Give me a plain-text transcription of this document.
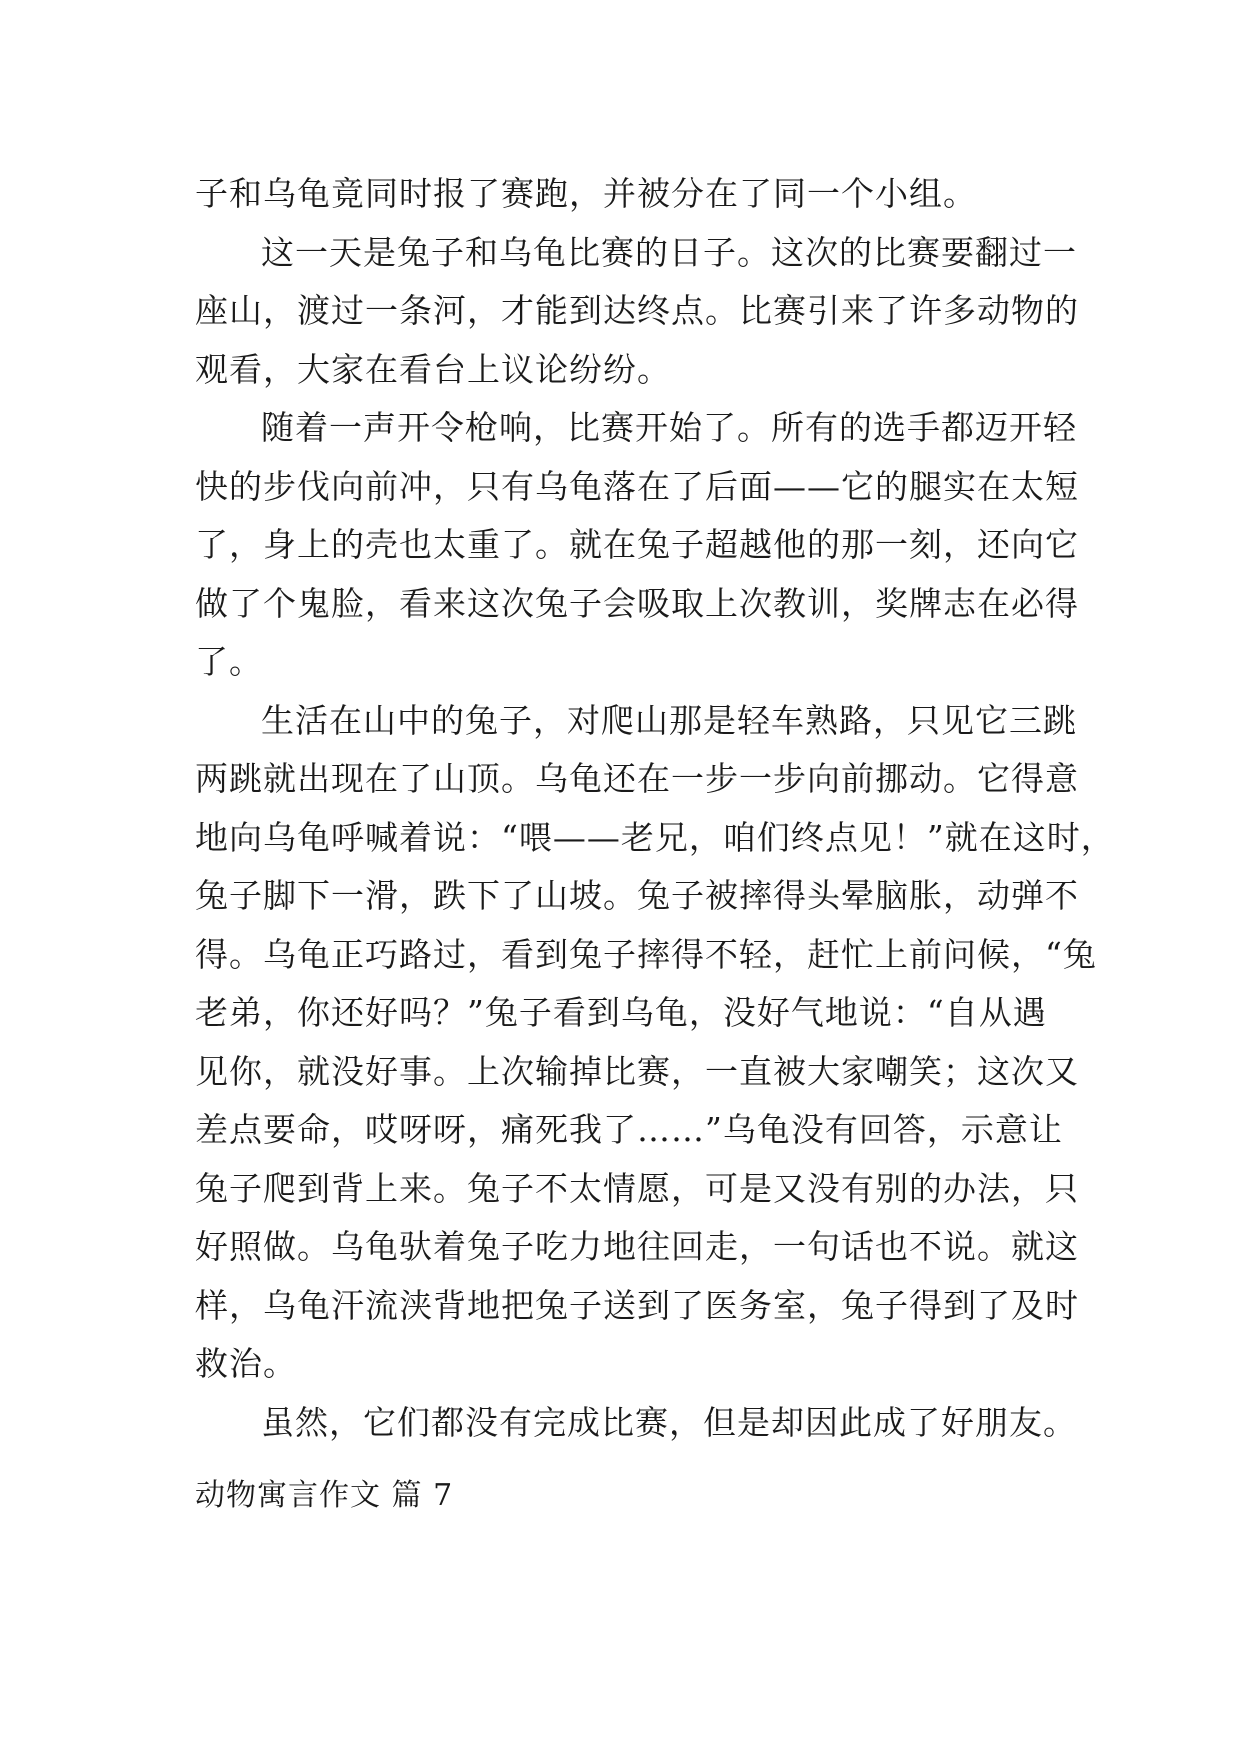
子和乌龟竟同时报了赛跑，并被分在了同一个小组。
这一天是兔子和乌龟比赛的日子。这次的比赛要翻过一
座山，渡过一条河，才能到达终点。比赛引来了许多动物的
观看，大家在看台上议论纷纷。
随着一声开令枪响，比赛开始了。所有的选手都迈开轻
快的步伐向前冲，只有乌龟落在了后面——它的腿实在太短
了，身上的壳也太重了。就在兔子超越他的那一刻，还向它
做了个鬼脸，看来这次兔子会吸取上次教训，奖牌志在必得
了。
生活在山中的兔子，对爬山那是轻车熟路，只见它三跳
两跳就出现在了山顶。乌龟还在一步一步向前挪动。它得意
地向乌龟呼喊着说：“喂——老兄，咱们终点见！”就在这时，
兔子脚下一滑，跌下了山坡。兔子被摔得头晕脑胀，动弹不
得。乌龟正巧路过，看到兔子摔得不轻，赶忙上前问候，“兔
老弟，你还好吗？”兔子看到乌龟，没好气地说：“自从遇
见你，就没好事。上次输掉比赛，一直被大家嘲笑；这次又
差点要命，哎呀呀，痛死我了……”乌龟没有回答，示意让
兔子爬到背上来。兔子不太情愿，可是又没有别的办法，只
好照做。乌龟驮着兔子吃力地往回走，一句话也不说。就这
样，乌龟汗流浃背地把兔子送到了医务室，兔子得到了及时
救治。
虽然，它们都没有完成比赛，但是却因此成了好朋友。
动物寓言作文 篇 7
